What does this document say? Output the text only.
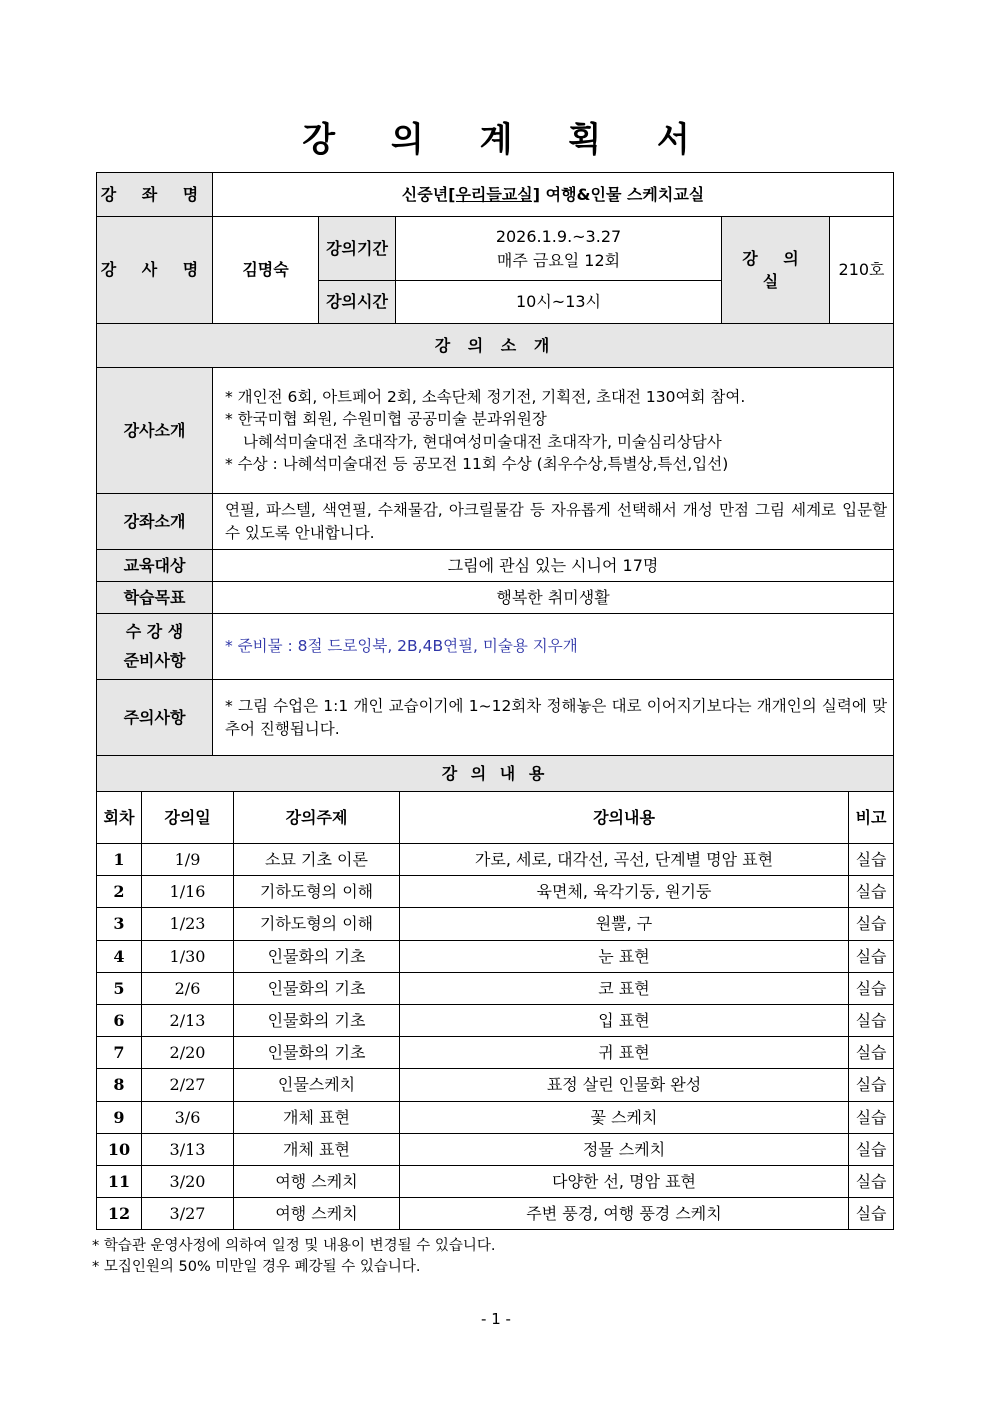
강 의 계 획 서
강 좌 명	신중년[우리들교실] 여행&인물 스케치교실				
강 사 명	김명숙	강의기간	2026.1.9.~3.27
매주 금요일 12회	강 의 실	210호
		강의시간	10시~13시		
강 의 소 개					
강사소개	* 개인전 6회, 아트페어 2회, 소속단체 정기전, 기획전, 초대전 130여회 참여.
* 한국미협 회원, 수원미협 공공미술 분과위원장
나혜석미술대전 초대작가, 현대여성미술대전 초대작가, 미술심리상담사
* 수상 : 나혜석미술대전 등 공모전 11회 수상 (최우수상,특별상,특선,입선)				

강좌소개	연필, 파스텔, 색연필, 수채물감, 아크릴물감 등 자유롭게 선택해서 개성 만점 그림 세계로 입문할 수 있도록 안내합니다.				
교육대상	그림에 관심 있는 시니어 17명				
학습목표	행복한 취미생활				

수 강 생
준비사항	* 준비물 : 8절 드로잉북, 2B,4B연필, 미술용 지우개				
주의사항	* 그림 수업은 1:1 개인 교습이기에 1~12회차 정해놓은 대로 이어지기보다는 개개인의 실력에 맞추어 진행됩니다.				
강 의 내 용				
회차	강의일	강의주제	강의내용	비고
1	1/9	소묘 기초 이론	가로, 세로, 대각선, 곡선, 단계별 명암 표현	실습
2	1/16	기하도형의 이해	육면체, 육각기둥, 원기둥	실습
3	1/23	기하도형의 이해	원뿔, 구	실습
4	1/30	인물화의 기초	눈 표현	실습
5	2/6	인물화의 기초	코 표현	실습
6	2/13	인물화의 기초	입 표현	실습
7	2/20	인물화의 기초	귀 표현	실습
8	2/27	인물스케치	표정 살린 인물화 완성	실습
9	3/6	개체 표현	꽃 스케치	실습
10	3/13	개체 표현	정물 스케치	실습
11	3/20	여행 스케치	다양한 선, 명암 표현	실습
12	3/27	여행 스케치	주변 풍경, 여행 풍경 스케치	실습
* 학습관 운영사정에 의하여 일정 및 내용이 변경될 수 있습니다.
* 모집인원의 50% 미만일 경우 폐강될 수 있습니다.
- 1 -
